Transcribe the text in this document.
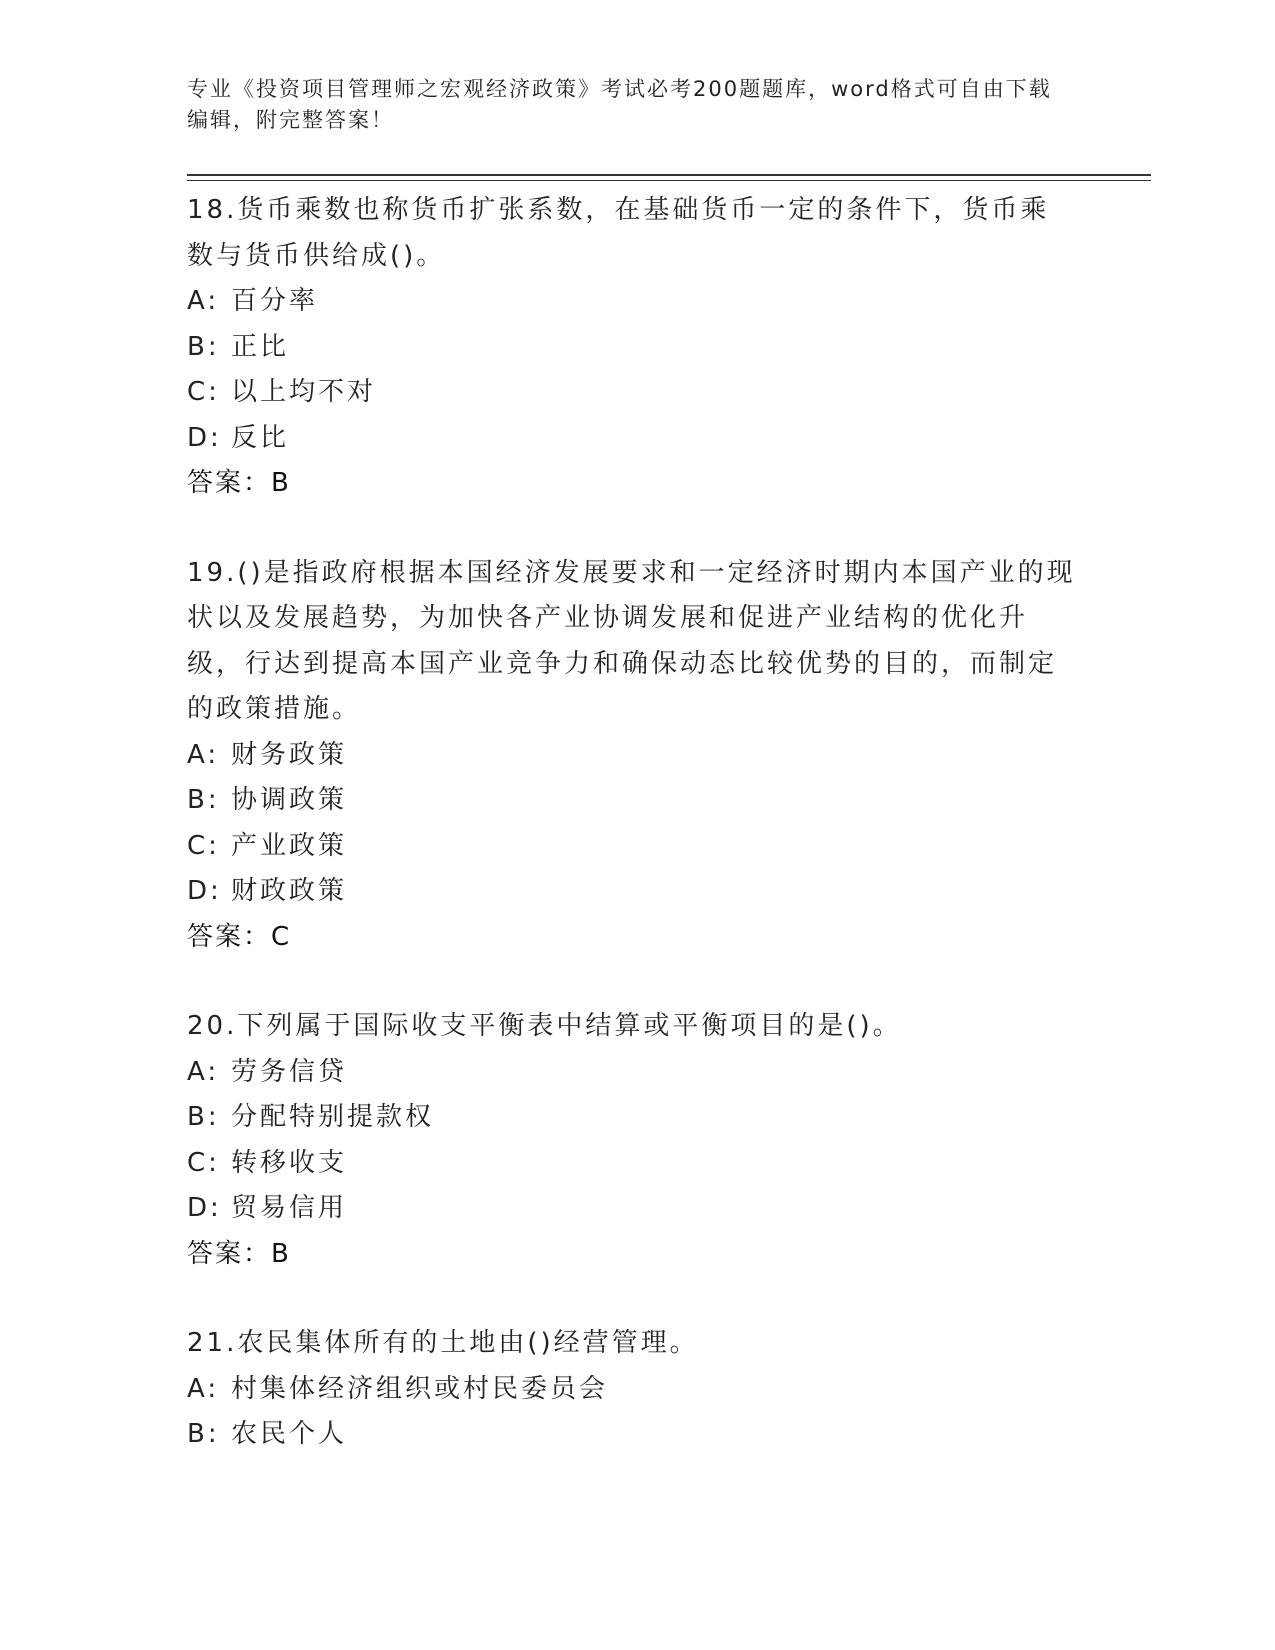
专业《投资项目管理师之宏观经济政策》考试必考200题题库，word格式可自由下载编辑，附完整答案！
18.货币乘数也称货币扩张系数，在基础货币一定的条件下，货币乘数与货币供给成()。
A: 百分率
B: 正比
C: 以上均不对
D: 反比
答案：B
19.()是指政府根据本国经济发展要求和一定经济时期内本国产业的现状以及发展趋势，为加快各产业协调发展和促进产业结构的优化升级，行达到提高本国产业竞争力和确保动态比较优势的目的，而制定的政策措施。
A: 财务政策
B: 协调政策
C: 产业政策
D: 财政政策
答案：C
20.下列属于国际收支平衡表中结算或平衡项目的是()。
A: 劳务信贷
B: 分配特别提款权
C: 转移收支
D: 贸易信用
答案：B
21.农民集体所有的土地由()经营管理。
A: 村集体经济组织或村民委员会
B: 农民个人
